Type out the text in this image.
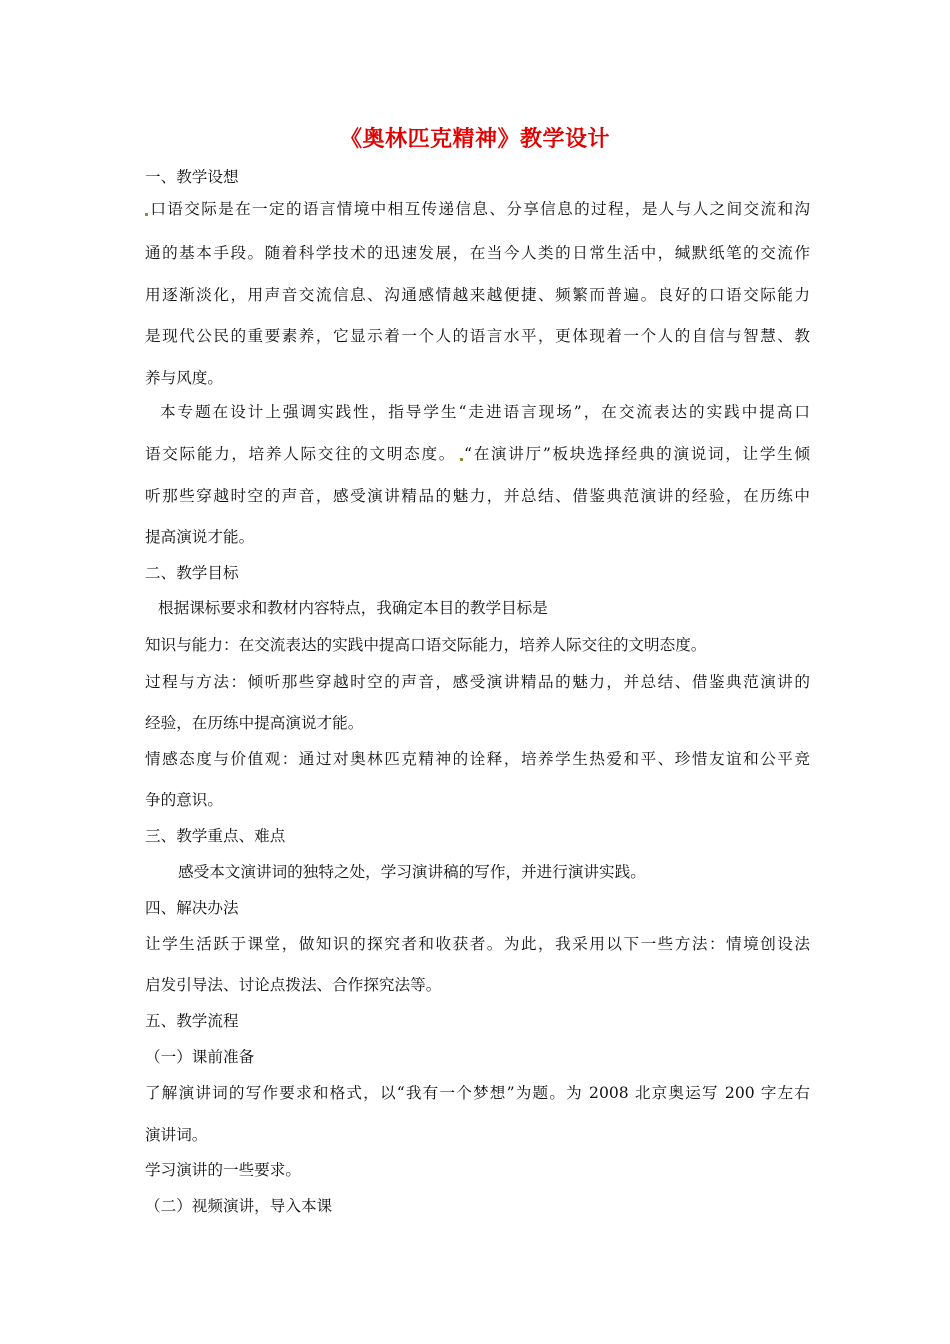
《奥林匹克精神》教学设计
一、教学设想
口语交际是在一定的语言情境中相互传递信息、分享信息的过程，是人与人之间交流和沟
通的基本手段。随着科学技术的迅速发展，在当今人类的日常生活中，缄默纸笔的交流作
用逐渐淡化，用声音交流信息、沟通感情越来越便捷、频繁而普遍。良好的口语交际能力
是现代公民的重要素养，它显示着一个人的语言水平，更体现着一个人的自信与智慧、教
养与风度。
本专题在设计上强调实践性，指导学生“走进语言现场”，在交流表达的实践中提高口
语交际能力，培养人际交往的文明态度。 “在演讲厅”板块选择经典的演说词，让学生倾
听那些穿越时空的声音，感受演讲精品的魅力，并总结、借鉴典范演讲的经验，在历练中
提高演说才能。
二、教学目标
根据课标要求和教材内容特点，我确定本目的教学目标是
知识与能力：在交流表达的实践中提高口语交际能力，培养人际交往的文明态度。
过程与方法：倾听那些穿越时空的声音，感受演讲精品的魅力，并总结、借鉴典范演讲的
经验，在历练中提高演说才能。
情感态度与价值观：通过对奥林匹克精神的诠释，培养学生热爱和平、珍惜友谊和公平竞
争的意识。
三、教学重点、难点
感受本文演讲词的独特之处，学习演讲稿的写作，并进行演讲实践。
四、解决办法
让学生活跃于课堂，做知识的探究者和收获者。为此，我采用以下一些方法：情境创设法
启发引导法、讨论点拨法、合作探究法等。
五、教学流程
（一）课前准备
了解演讲词的写作要求和格式，以“我有一个梦想”为题。为 2008 北京奥运写 200 字左右
演讲词。
学习演讲的一些要求。
（二）视频演讲，导入本课
